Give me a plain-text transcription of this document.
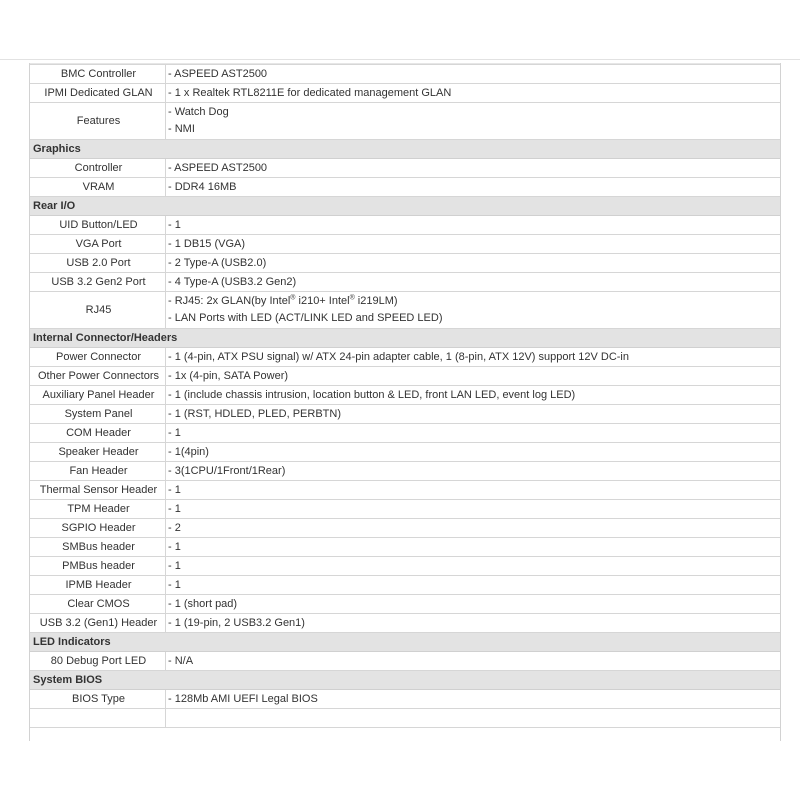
BMC Controller	- ASPEED AST2500
IPMI Dedicated GLAN	- 1 x Realtek RTL8211E for dedicated management GLAN
Features	- Watch Dog
- NMI

Graphics	
Controller	- ASPEED AST2500
VRAM	- DDR4 16MB
Rear I/O	
UID Button/LED	- 1
VGA Port	- 1 DB15 (VGA)
USB 2.0 Port	- 2 Type-A (USB2.0)
USB 3.2 Gen2 Port	- 4 Type-A (USB3.2 Gen2)
RJ45	- RJ45: 2x GLAN(by Intel® i210+ Intel® i219LM)
- LAN Ports with LED (ACT/LINK LED and SPEED LED)

Internal Connector/Headers	
Power Connector	- 1 (4-pin, ATX PSU signal) w/ ATX 24-pin adapter cable, 1 (8-pin, ATX 12V) support 12V DC-in
Other Power Connectors	- 1x (4-pin, SATA Power)
Auxiliary Panel Header	- 1 (include chassis intrusion, location button & LED, front LAN LED, event log LED)
System Panel	- 1 (RST, HDLED, PLED, PERBTN)
COM Header	- 1
Speaker Header	- 1(4pin)
Fan Header	- 3(1CPU/1Front/1Rear)
Thermal Sensor Header	- 1
TPM Header	- 1
SGPIO Header	- 2
SMBus header	- 1
PMBus header	- 1
IPMB Header	- 1
Clear CMOS	- 1 (short pad)
USB 3.2 (Gen1) Header	- 1 (19-pin, 2 USB3.2 Gen1)
LED Indicators	
80 Debug Port LED	- N/A
System BIOS	
BIOS Type	- 128Mb AMI UEFI Legal BIOS
